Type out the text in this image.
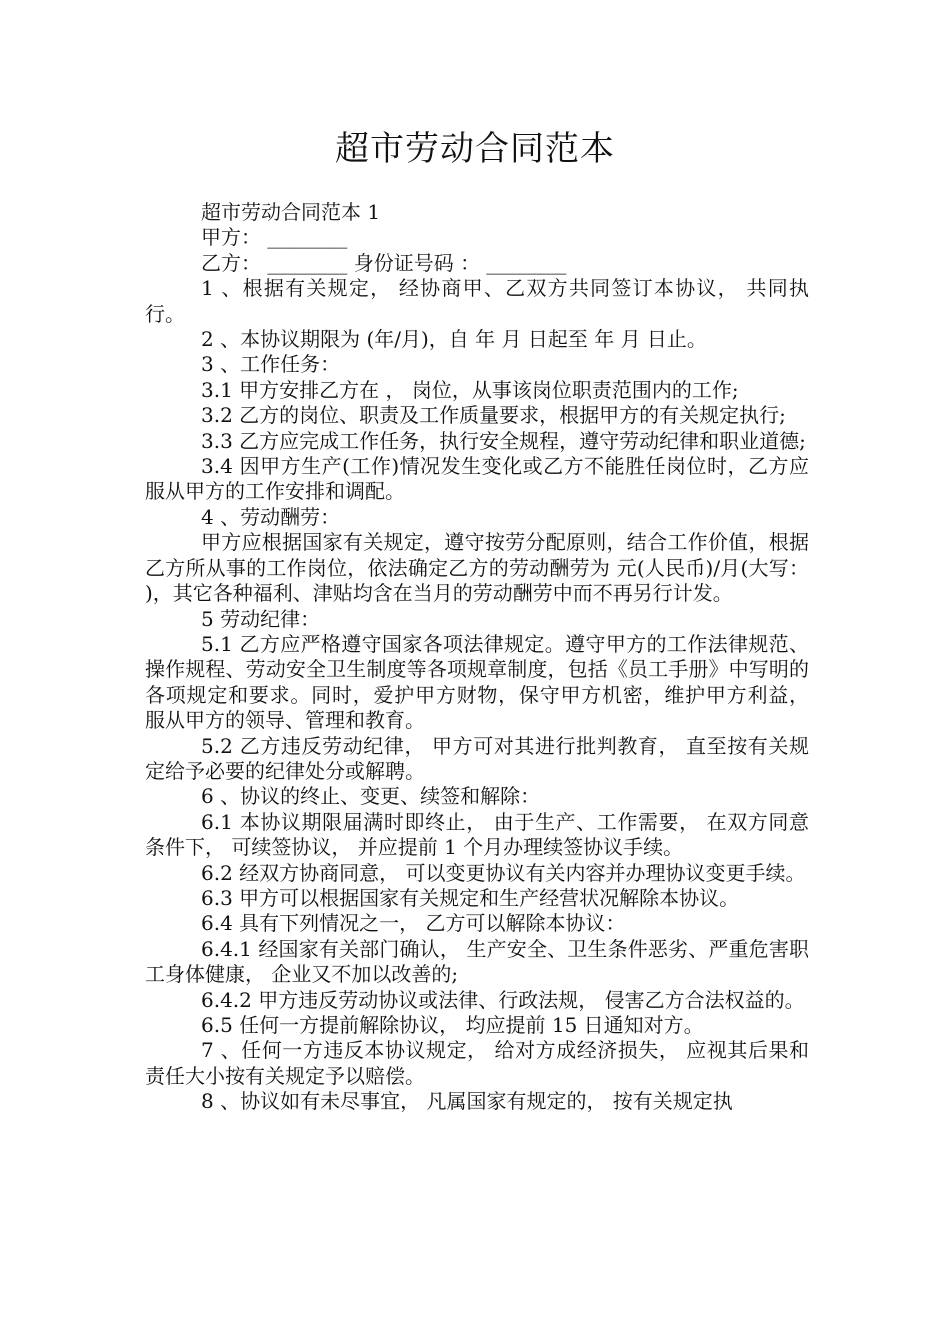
超市劳动合同范本

超市劳动合同范本 1

甲方： ________

乙方： ________ 身份证号码 ： ________

1 、根据有关规定， 经协商甲、乙双方共同签订本协议， 共同执行。

2 、本协议期限为 (年/月)，自 年 月 日起至 年 月 日止。

3 、工作任务：

3.1 甲方安排乙方在 ， 岗位，从事该岗位职责范围内的工作;

3.2 乙方的岗位、职责及工作质量要求，根据甲方的有关规定执行;

3.3 乙方应完成工作任务，执行安全规程，遵守劳动纪律和职业道德;

3.4 因甲方生产(工作)情况发生变化或乙方不能胜任岗位时，乙方应服从甲方的工作安排和调配。

4 、劳动酬劳：

甲方应根据国家有关规定，遵守按劳分配原则，结合工作价值，根据乙方所从事的工作岗位，依法确定乙方的劳动酬劳为 元(人民币)/月(大写： )，其它各种福利、津贴均含在当月的劳动酬劳中而不再另行计发。

5 劳动纪律：

5.1 乙方应严格遵守国家各项法律规定。遵守甲方的工作法律规范、操作规程、劳动安全卫生制度等各项规章制度，包括《员工手册》中写明的各项规定和要求。同时，爱护甲方财物，保守甲方机密，维护甲方利益， 服从甲方的领导、管理和教育。

5.2 乙方违反劳动纪律， 甲方可对其进行批判教育， 直至按有关规定给予必要的纪律处分或解聘。

6 、协议的终止、变更、续签和解除：

6.1 本协议期限届满时即终止， 由于生产、工作需要， 在双方同意条件下， 可续签协议， 并应提前 1 个月办理续签协议手续。

6.2 经双方协商同意， 可以变更协议有关内容并办理协议变更手续。

6.3 甲方可以根据国家有关规定和生产经营状况解除本协议。

6.4 具有下列情况之一， 乙方可以解除本协议：

6.4.1 经国家有关部门确认， 生产安全、卫生条件恶劣、严重危害职工身体健康， 企业又不加以改善的;

6.4.2 甲方违反劳动协议或法律、行政法规， 侵害乙方合法权益的。

6.5 任何一方提前解除协议， 均应提前 15 日通知对方。

7 、任何一方违反本协议规定， 给对方成经济损失， 应视其后果和责任大小按有关规定予以赔偿。

8 、协议如有未尽事宜， 凡属国家有规定的， 按有关规定执
